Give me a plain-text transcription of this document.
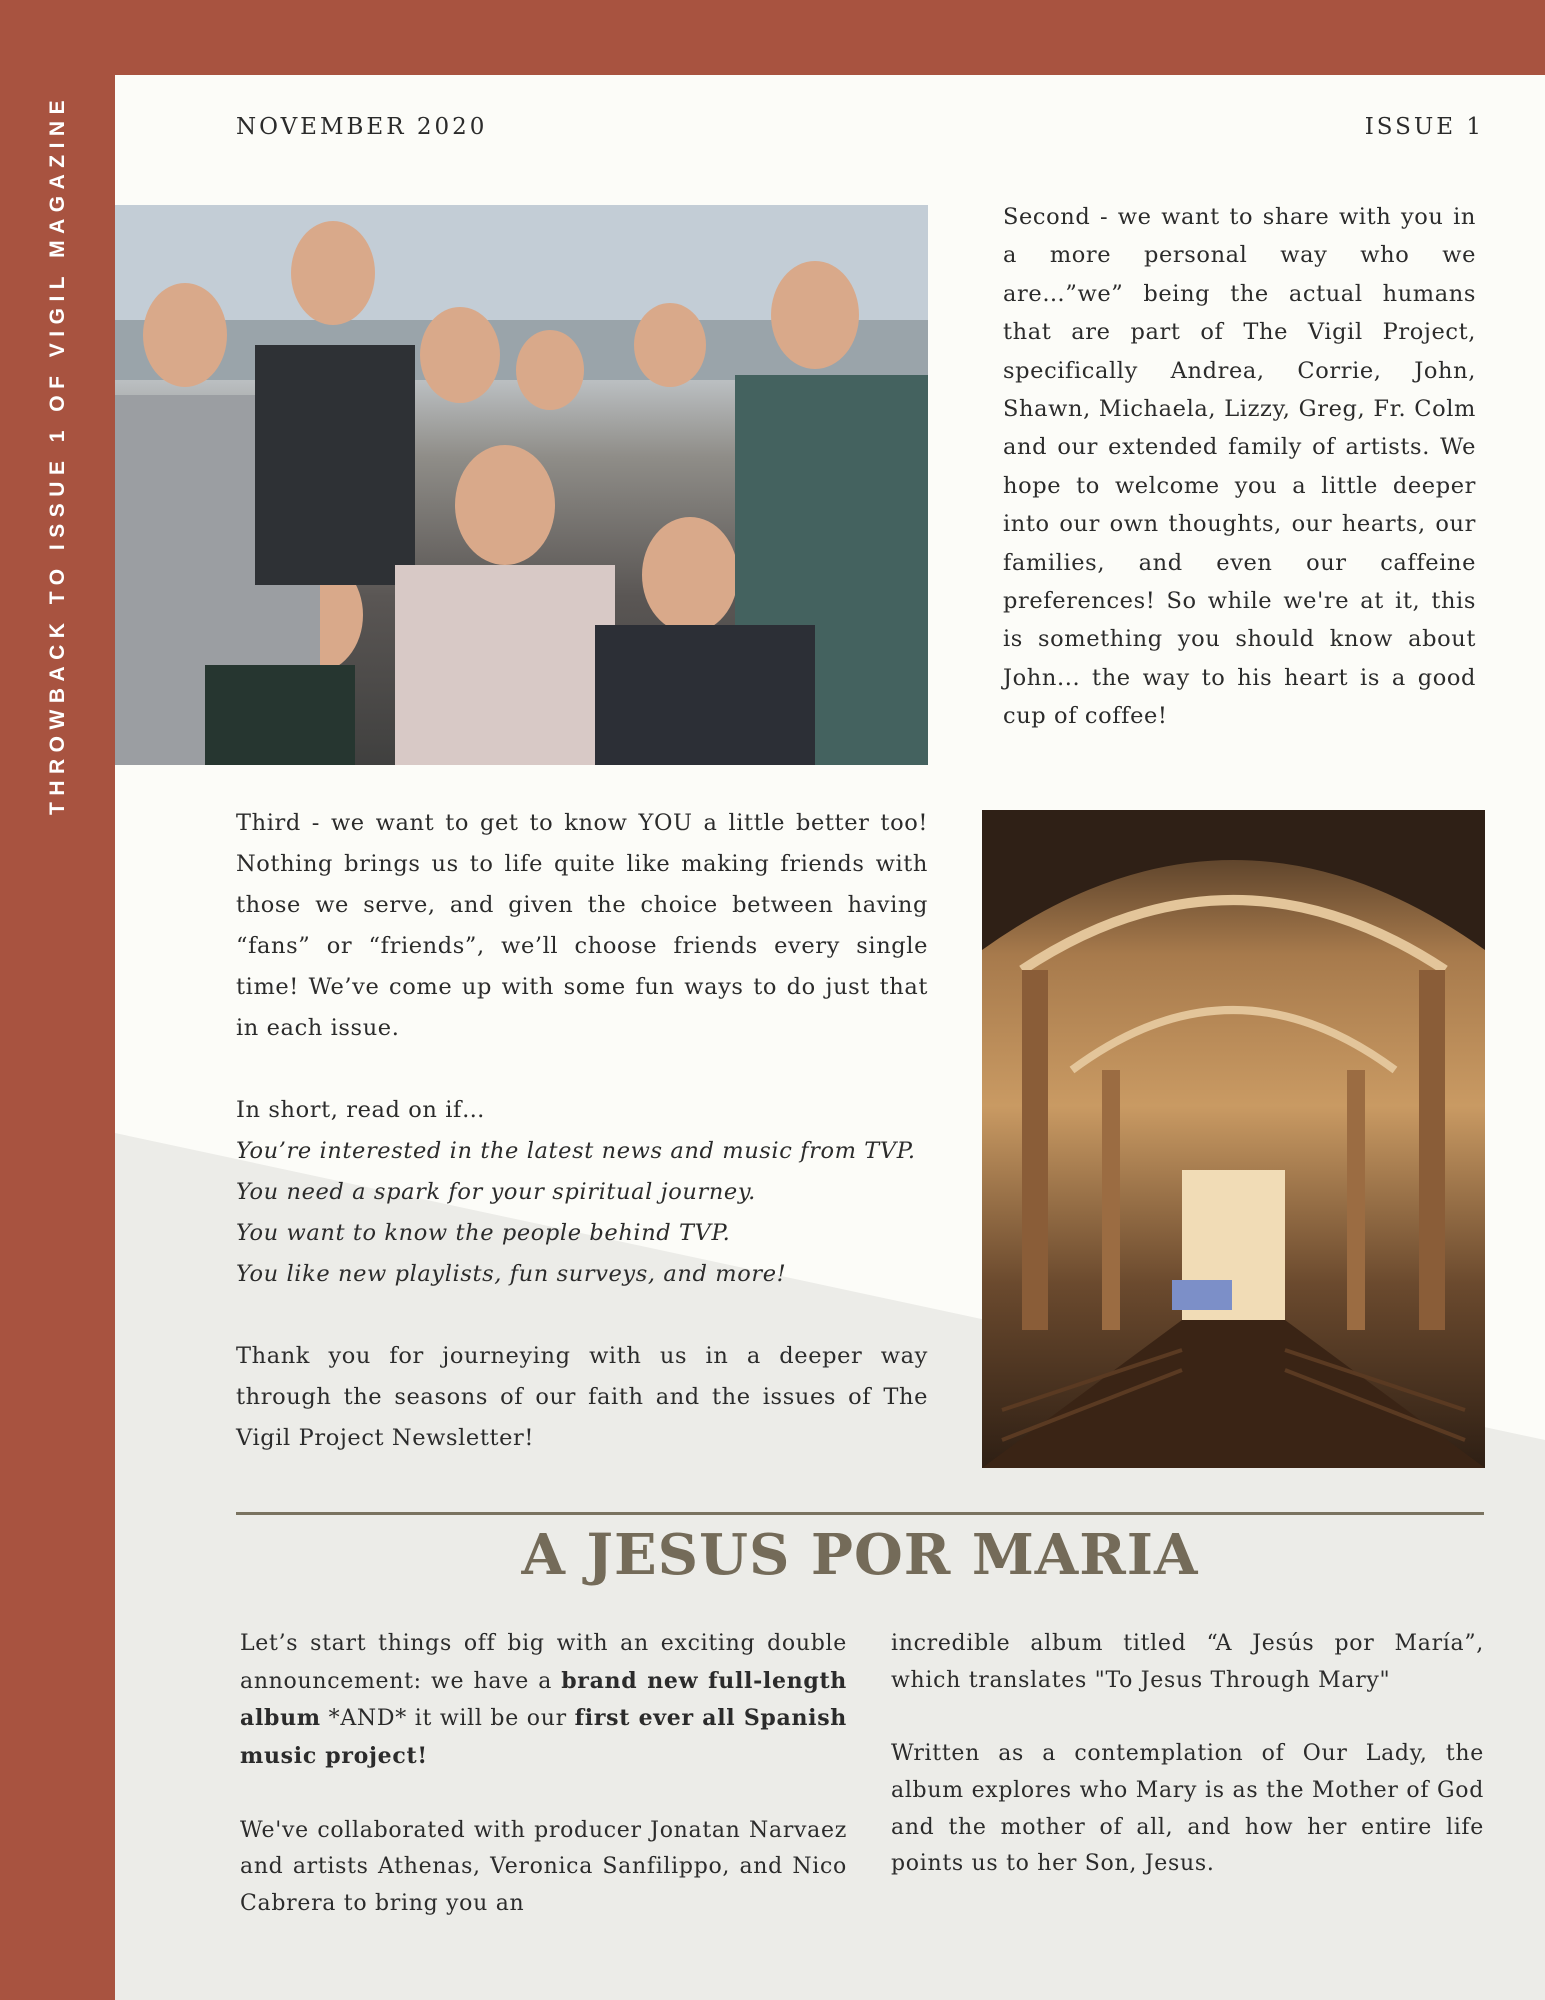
THROWBACK TO ISSUE 1 OF VIGIL MAGAZINE	NOVEMBER 2020	ISSUE 1
Second - we want to share with you in a more personal way who we are…”we” being the actual humans that are part of The Vigil Project, specifically Andrea, Corrie, John, Shawn, Michaela, Lizzy, Greg, Fr. Colm and our extended family of artists. We hope to welcome you a little deeper into our own thoughts, our hearts, our families, and even our caffeine preferences! So while we're at it, this is something you should know about John... the way to his heart is a good cup of coffee!

Third - we want to get to know YOU a little better too! Nothing brings us to life quite like making friends with those we serve, and given the choice between having “fans” or “friends”, we’ll choose friends every single time! We’ve come up with some fun ways to do just that in each issue.

In short, read on if…

You’re interested in the latest news and music from TVP.

You need a spark for your spiritual journey.

You want to know the people behind TVP.

You like new playlists, fun surveys, and more!

Thank you for journeying with us in a deeper way through the seasons of our faith and the issues of The Vigil Project Newsletter!

A JESUS POR MARIA

Let’s start things off big with an exciting double announcement: we have a brand new full-length album *AND* it will be our first ever all Spanish music project!

We've collaborated with producer Jonatan Narvaez and artists Athenas, Veronica Sanfilippo, and Nico Cabrera to bring you an

incredible album titled “A Jesús por María”, which translates "To Jesus Through Mary"

Written as a contemplation of Our Lady, the album explores who Mary is as the Mother of God and the mother of all, and how her entire life points us to her Son, Jesus.
